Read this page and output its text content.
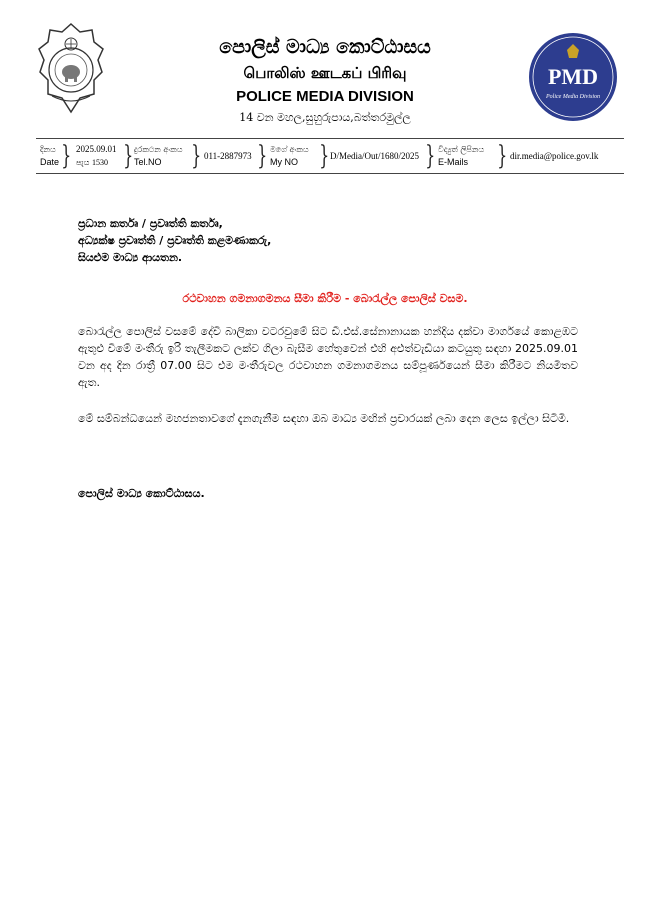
පොලිස් මාධ්‍ය කොට්ඨාසය
பொலிஸ் ஊடகப் பிரிவு
POLICE MEDIA DIVISION
14 වන මහල,සුහුරුපාය,බත්තරමුල්ල
PMD
Police Media Division
දිනය
Date } 2025.09.01
පැය 1530 } දුරකථන අංකය
Tel.NO	} 011-2887973 } මගේ අංකය
My NO } D/Media/Out/1680/2025 } විද්‍යුත් ලිපිනය
E-Mails	} dir.media@police.gov.lk
ප්‍රධාන කර්තෘ / ප්‍රවෘත්ති කර්තෘ,
අධ්‍යක්ෂ ප්‍රවෘත්ති / ප්‍රවෘත්ති කළමණාකරු,
සියළුම මාධ්‍ය ආයතන.
රථවාහන ගමනාගමනය සීමා කිරීම - බොරැල්ල පොලිස් වසම.
බොරැල්ල පොලිස් වසමේ දේවි බාලිකා වටරවුමේ සිට ඩී.එස්.සේනානායක හන්දිය දක්වා මාර්ගයේ කොළඹට ඇතුළු වීමේ මංතීරු ඉරි තැලීමකට ලක්ව ගිලා බැසීම හේතුවෙන් එහි අළුත්වැඩියා කටයුතු සඳහා 2025.09.01 වන අද දින රාත්‍රී 07.00 සිට එම මංතීරුවල රථවාහන ගමනාගමනය සම්පූර්ණයෙන් සීමා කිරීමට නියමිතව ඇත.
මේ සම්බන්ධයෙන් මහජනතාවගේ දැනගැනීම සඳහා ඔබ මාධ්‍ය මඟින් ප්‍රචාරයක් ලබා දෙන ලෙස ඉල්ලා සිටිමි.
පොලිස් මාධ්‍ය කොට්ඨාසය.
